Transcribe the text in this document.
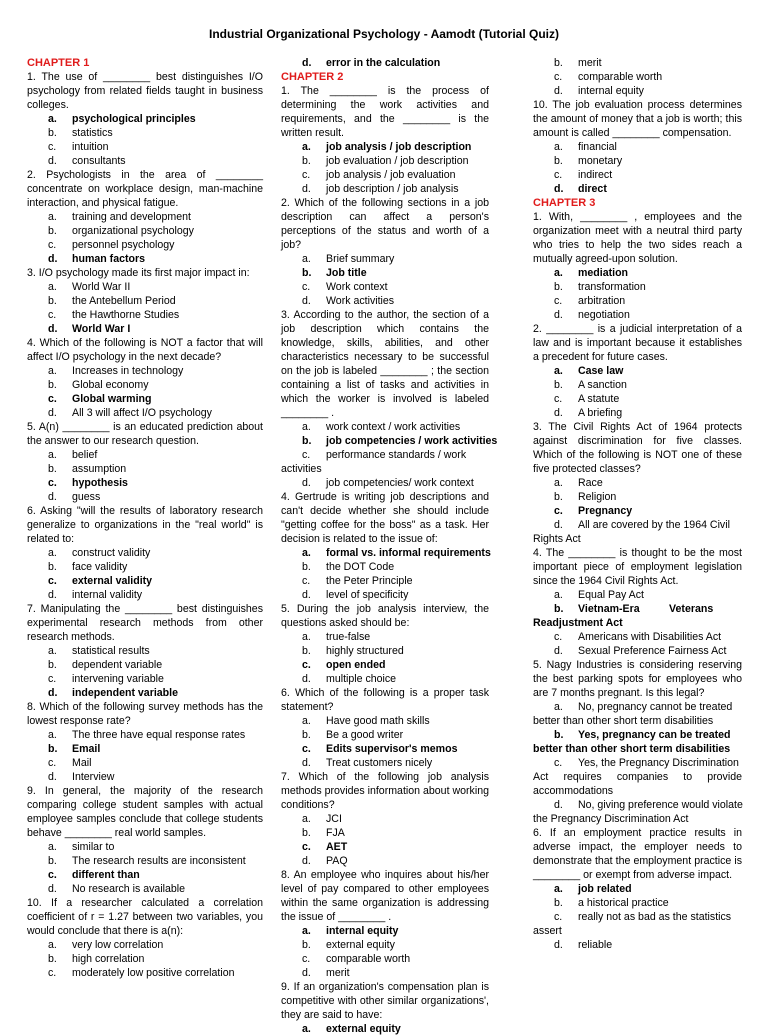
Industrial Organizational Psychology - Aamodt (Tutorial Quiz)
CHAPTER 1
1. The use of ________ best distinguishes I/O psychology from related fields taught in business colleges.
a.	psychological principles
b.	statistics
c.	intuition
d.	consultants
2. Psychologists in the area of ________ concentrate on workplace design, man-machine interaction, and physical fatigue.
a.	training and development
b.	organizational psychology
c.	personnel psychology
d.	human factors
3. I/O psychology made its first major impact in:
a.	World War II
b.	the Antebellum Period
c.	the Hawthorne Studies
d.	World War I
4. Which of the following is NOT a factor that will affect I/O psychology in the next decade?
a.	Increases in technology
b.	Global economy
c.	Global warming
d.	All 3 will affect I/O psychology
5. A(n) ________ is an educated prediction about the answer to our research question.
a.	belief
b.	assumption
c.	hypothesis
d.	guess
6. Asking "will the results of laboratory research generalize to organizations in the "real world" is related to:
a.	construct validity
b.	face validity
c.	external validity
d.	internal validity
7. Manipulating the ________ best distinguishes experimental research methods from other research methods.
a.	statistical results
b.	dependent variable
c.	intervening variable
d.	independent variable
8. Which of the following survey methods has the lowest response rate?
a.	The three have equal response rates
b.	Email
c.	Mail
d.	Interview
9. In general, the majority of the research comparing college student samples with actual employee samples conclude that college students behave ________ real world samples.
a.	similar to
b.	The research results are inconsistent
c.	different than
d.	No research is available
10. If a researcher calculated a correlation coefficient of r = 1.27 between two variables, you would conclude that there is a(n):
a.	very low correlation
b.	high correlation
c.	moderately low positive correlation
d.	error in the calculation
CHAPTER 2
1. The ________ is the process of determining the work activities and requirements, and the ________ is the written result.
a.	job analysis / job description
b.	job evaluation / job description
c.	job analysis / job evaluation
d.	job description / job analysis
2. Which of the following sections in a job description can affect a person's perceptions of the status and worth of a job?
a.	Brief summary
b.	Job title
c.	Work context
d.	Work activities
3. According to the author, the section of a job description which contains the knowledge, skills, abilities, and other characteristics necessary to be successful on the job is labeled ________ ; the section containing a list of tasks and activities in which the worker is involved is labeled ________ .
a.	work context / work activities
b.	job competencies / work activities
c.	performance standards / work
activities
d.	job competencies/ work context
4. Gertrude is writing job descriptions and can't decide whether she should include "getting coffee for the boss" as a task. Her decision is related to the issue of:
a.	formal vs. informal requirements
b.	the DOT Code
c.	the Peter Principle
d.	level of specificity
5. During the job analysis interview, the questions asked should be:
a.	true-false
b.	highly structured
c.	open ended
d.	multiple choice
6. Which of the following is a proper task statement?
a.	Have good math skills
b.	Be a good writer
c.	Edits supervisor's memos
d.	Treat customers nicely
7. Which of the following job analysis methods provides information about working conditions?
a.	JCI
b.	FJA
c.	AET
d.	PAQ
8. An employee who inquires about his/her level of pay compared to other employees within the same organization is addressing the issue of ________ .
a.	internal equity
b.	external equity
c.	comparable worth
d.	merit
9. If an organization's compensation plan is competitive with other similar organizations', they are said to have:
a.	external equity
b.	merit
c.	comparable worth
d.	internal equity
10. The job evaluation process determines the amount of money that a job is worth; this amount is called ________ compensation.
a.	financial
b.	monetary
c.	indirect
d.	direct
CHAPTER 3
1. With, ________ , employees and the organization meet with a neutral third party who tries to help the two sides reach a mutually agreed-upon solution.
a.	mediation
b.	transformation
c.	arbitration
d.	negotiation
2. ________ is a judicial interpretation of a law and is important because it establishes a precedent for future cases.
a.	Case law
b.	A sanction
c.	A statute
d.	A briefing
3. The Civil Rights Act of 1964 protects against discrimination for five classes. Which of the following is NOT one of these five protected classes?
a.	Race
b.	Religion
c.	Pregnancy
d.	All are covered by the 1964 Civil
Rights Act
4. The ________ is thought to be the most important piece of employment legislation since the 1964 Civil Rights Act.
a.	Equal Pay Act
b.	Vietnam-Era          Veterans
Readjustment Act
c.	Americans with Disabilities Act
d.	Sexual Preference Fairness Act
5. Nagy Industries is considering reserving the best parking spots for employees who are 7 months pregnant. Is this legal?
a.	No, pregnancy cannot be treated
better than other short term disabilities
b.	Yes, pregnancy can be treated
better than other short term disabilities
c.	Yes, the Pregnancy Discrimination
Act requires companies to provide accommodations
d.	No, giving preference would violate
the Pregnancy Discrimination Act
6. If an employment practice results in adverse impact, the employer needs to demonstrate that the employment practice is ________ or exempt from adverse impact.
a.	job related
b.	a historical practice
c.	really not as bad as the statistics
assert
d.	reliable
